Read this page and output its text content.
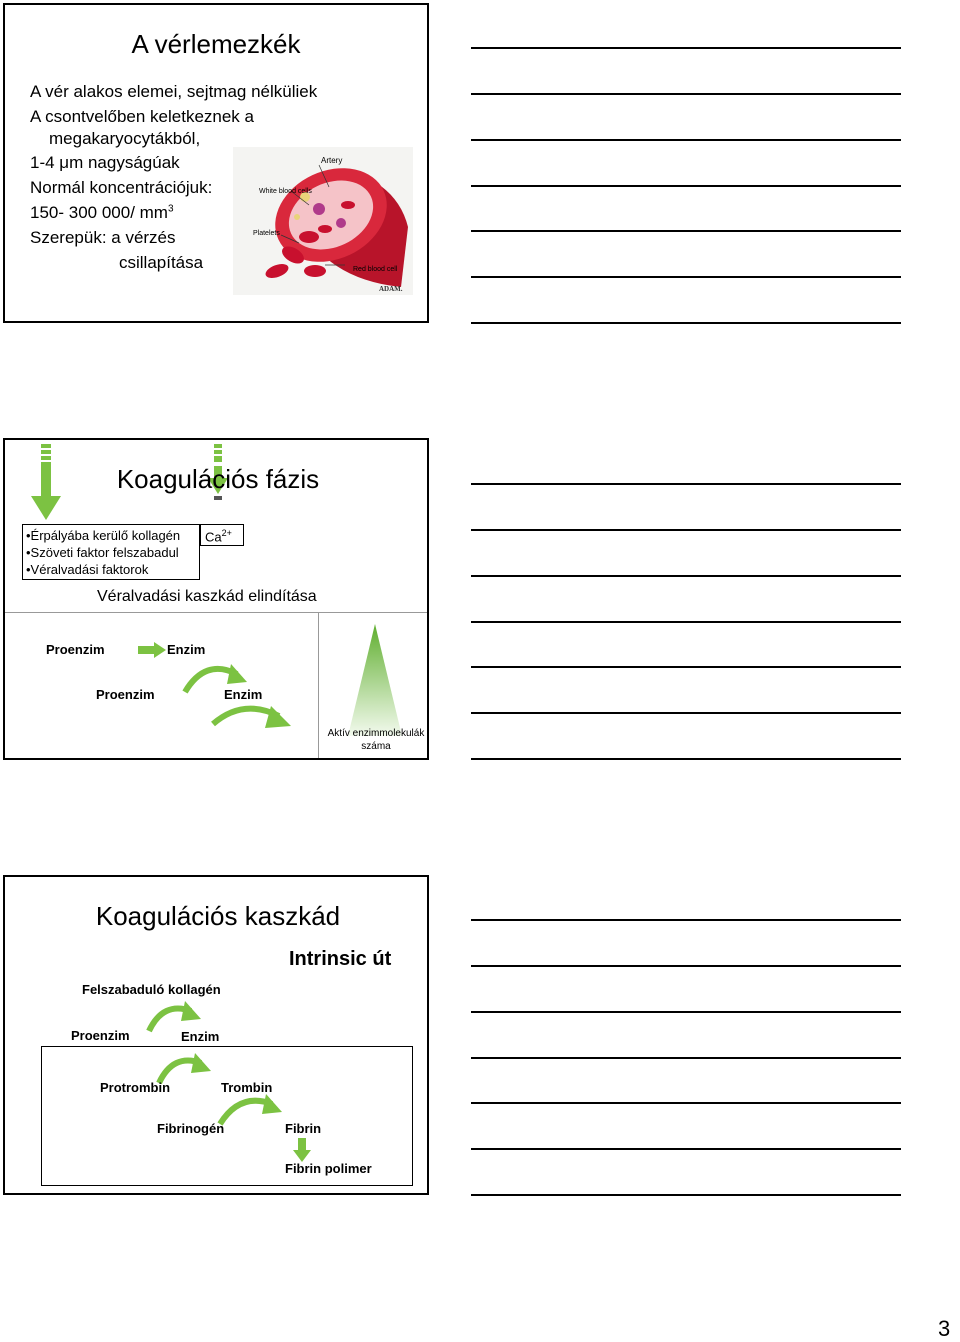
A vérlemezkék
A vér alakos elemei, sejtmag nélküliek
A csontvelőben keletkeznek a
megakaryocytákból,
1-4 μm nagyságúak
Normál koncentrációjuk:
150- 300 000/ $mm^3$
Szerepük: a vérzés
csillapítása
Artery
White blood cells
Platelets
Red blood cell
ADAM.
Koagulációs fázis
•Érpályába kerülő kollagén
•Szöveti faktor felszabadul
•Véralvadási faktorok
$Ca^{2+}$
Véralvadási kaszkád elindítása
Proenzim	Enzim
Proenzim	Enzim
Aktív enzimmolekulák
száma
Koagulációs kaszkád
Intrinsic út
Felszabaduló kollagén
Proenzim	Enzim
Protrombin	Trombin
Fibrinogén	Fibrin
Fibrin polimer
3
